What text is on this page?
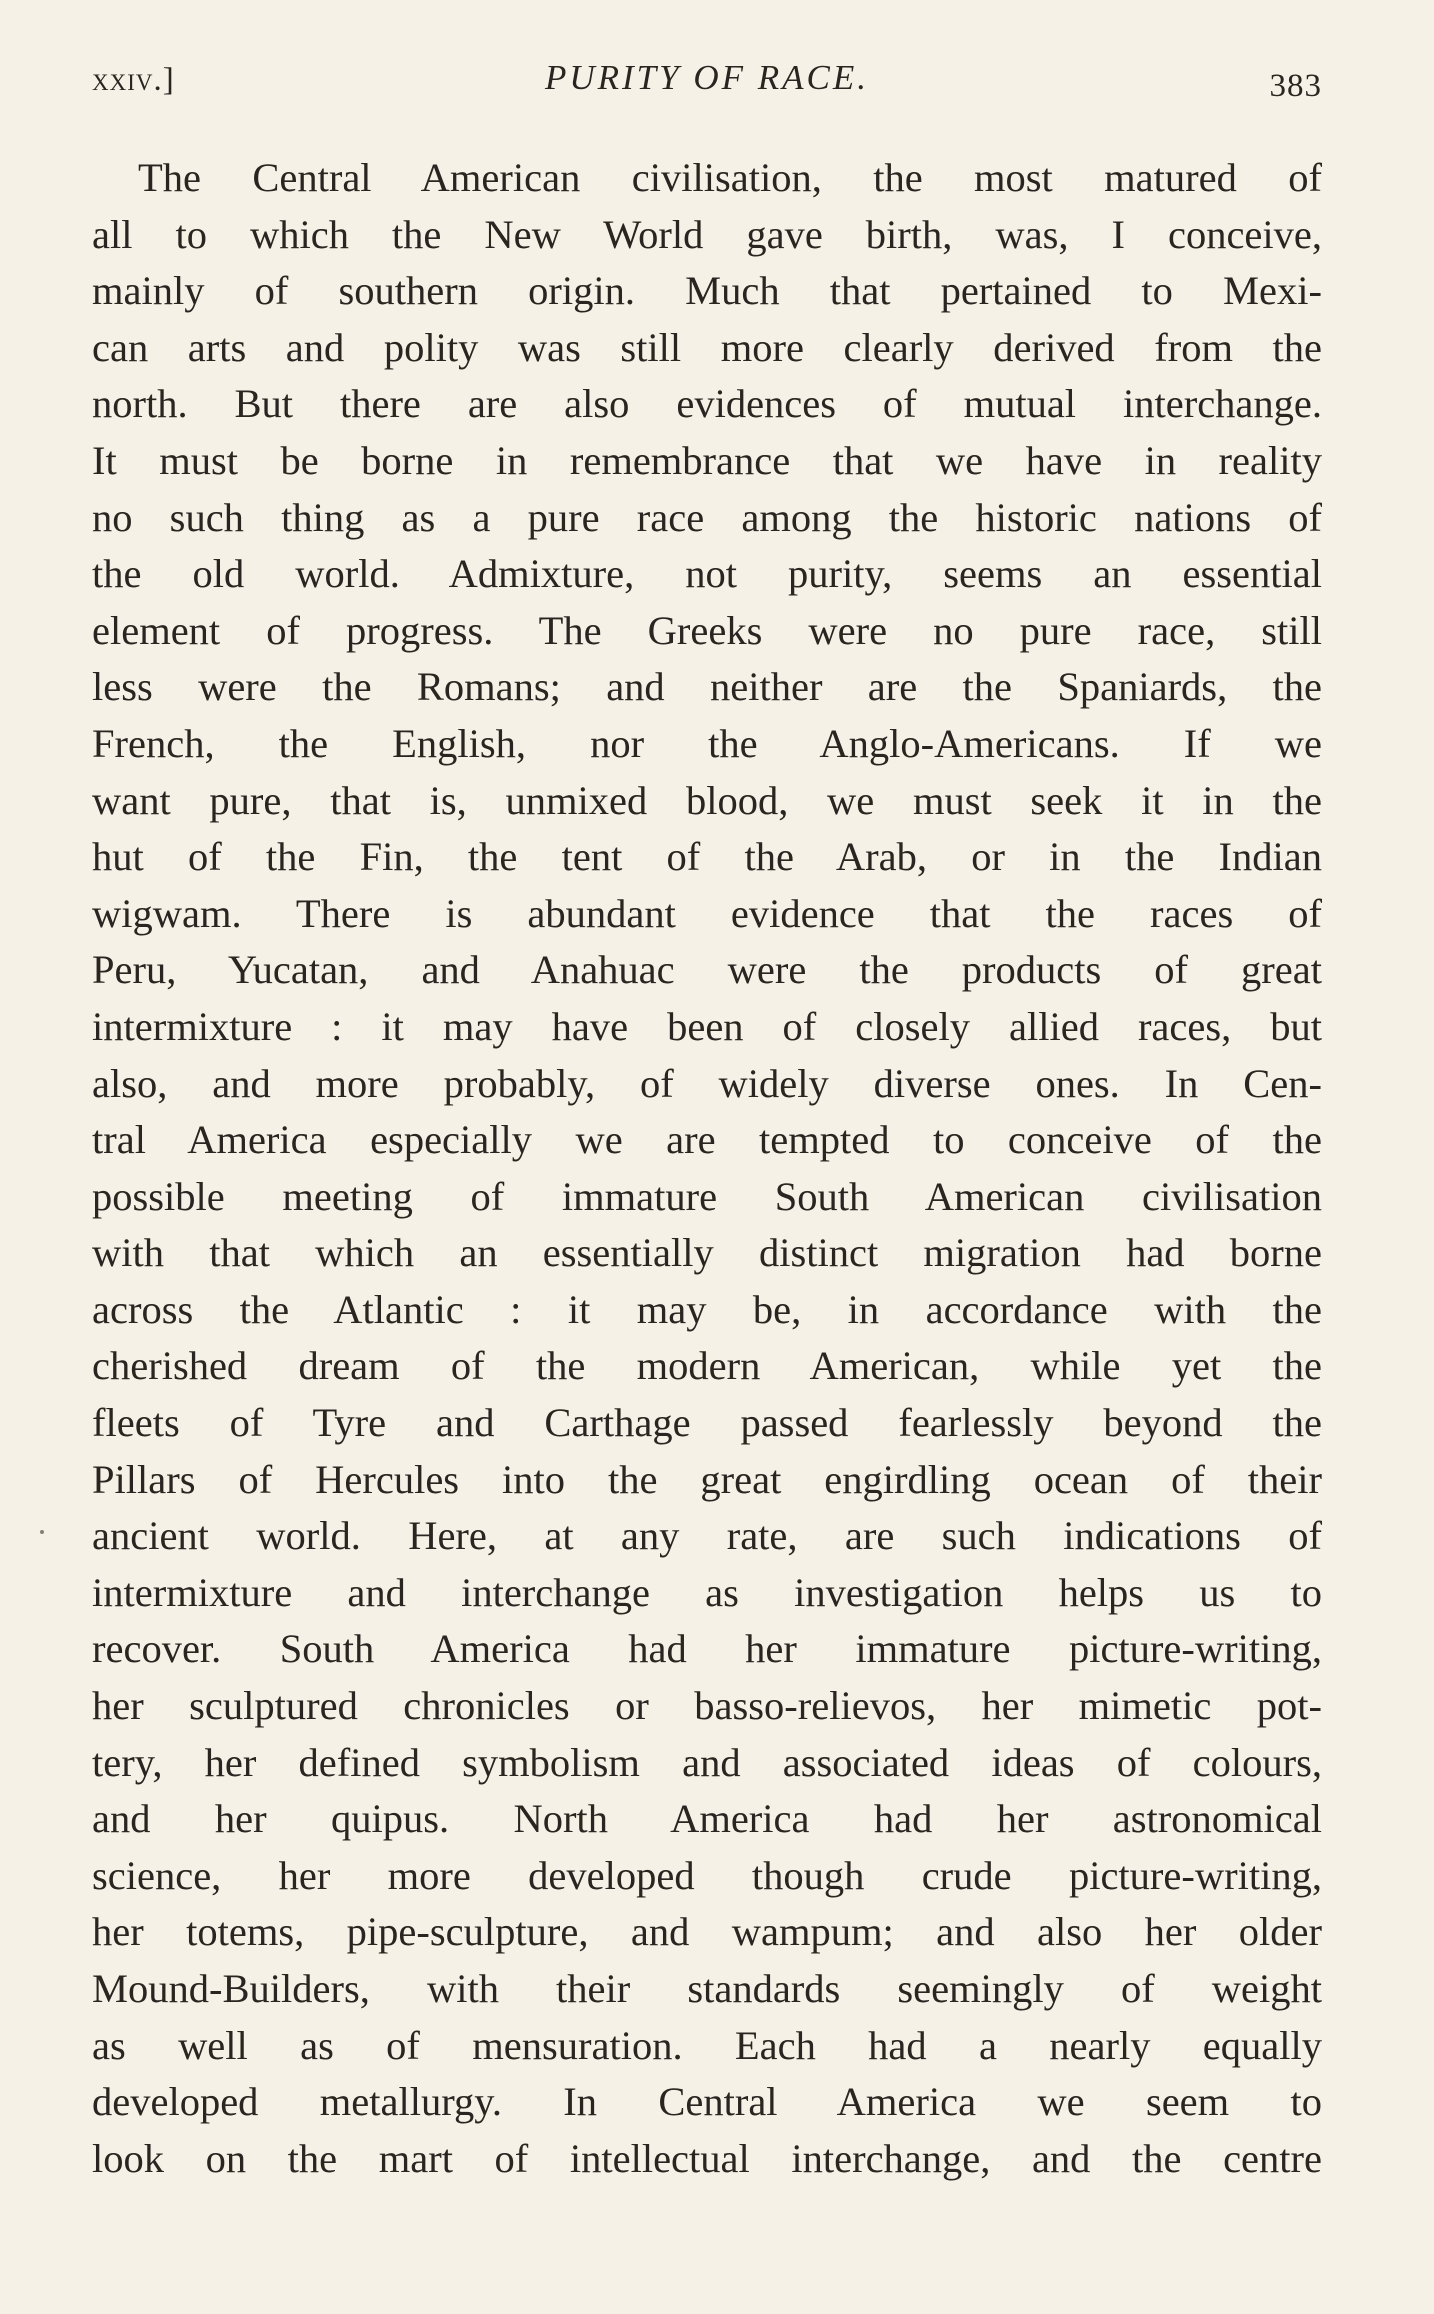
xxiv.]	PURITY OF RACE.	383
The Central American civilisation, the most matured of
all to which the New World gave birth, was, I conceive,
mainly of southern origin. Much that pertained to Mexi-
can arts and polity was still more clearly derived from the
north. But there are also evidences of mutual interchange.
It must be borne in remembrance that we have in reality
no such thing as a pure race among the historic nations of
the old world. Admixture, not purity, seems an essential
element of progress. The Greeks were no pure race, still
less were the Romans; and neither are the Spaniards, the
French, the English, nor the Anglo-Americans. If we
want pure, that is, unmixed blood, we must seek it in the
hut of the Fin, the tent of the Arab, or in the Indian
wigwam. There is abundant evidence that the races of
Peru, Yucatan, and Anahuac were the products of great
intermixture : it may have been of closely allied races, but
also, and more probably, of widely diverse ones. In Cen-
tral America especially we are tempted to conceive of the
possible meeting of immature South American civilisation
with that which an essentially distinct migration had borne
across the Atlantic : it may be, in accordance with the
cherished dream of the modern American, while yet the
fleets of Tyre and Carthage passed fearlessly beyond the
Pillars of Hercules into the great engirdling ocean of their
ancient world. Here, at any rate, are such indications of
intermixture and interchange as investigation helps us to
recover. South America had her immature picture-writing,
her sculptured chronicles or basso-relievos, her mimetic pot-
tery, her defined symbolism and associated ideas of colours,
and her quipus. North America had her astronomical
science, her more developed though crude picture-writing,
her totems, pipe-sculpture, and wampum; and also her older
Mound-Builders, with their standards seemingly of weight
as well as of mensuration. Each had a nearly equally
developed metallurgy. In Central America we seem to
look on the mart of intellectual interchange, and the centre
